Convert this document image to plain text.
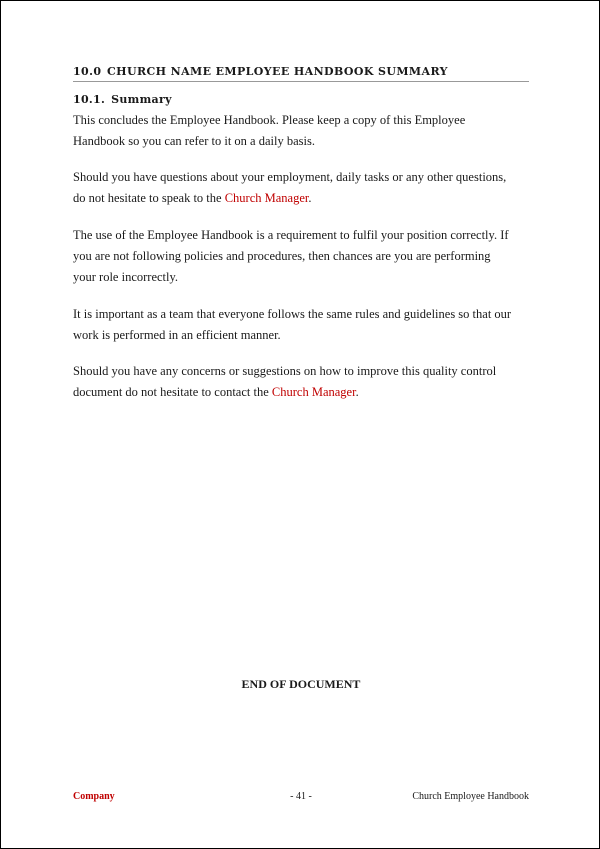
10.0 CHURCH NAME EMPLOYEE HANDBOOK SUMMARY
10.1. Summary

This concludes the Employee Handbook. Please keep a copy of this Employee
Handbook so you can refer to it on a daily basis.

Should you have questions about your employment, daily tasks or any other questions,
do not hesitate to speak to the Church Manager.

The use of the Employee Handbook is a requirement to fulfil your position correctly. If
you are not following policies and procedures, then chances are you are performing
your role incorrectly.

It is important as a team that everyone follows the same rules and guidelines so that our
work is performed in an efficient manner.

Should you have any concerns or suggestions on how to improve this quality control
document do not hesitate to contact the Church Manager.

END OF DOCUMENT
Company	- 41 -	Church Employee Handbook
